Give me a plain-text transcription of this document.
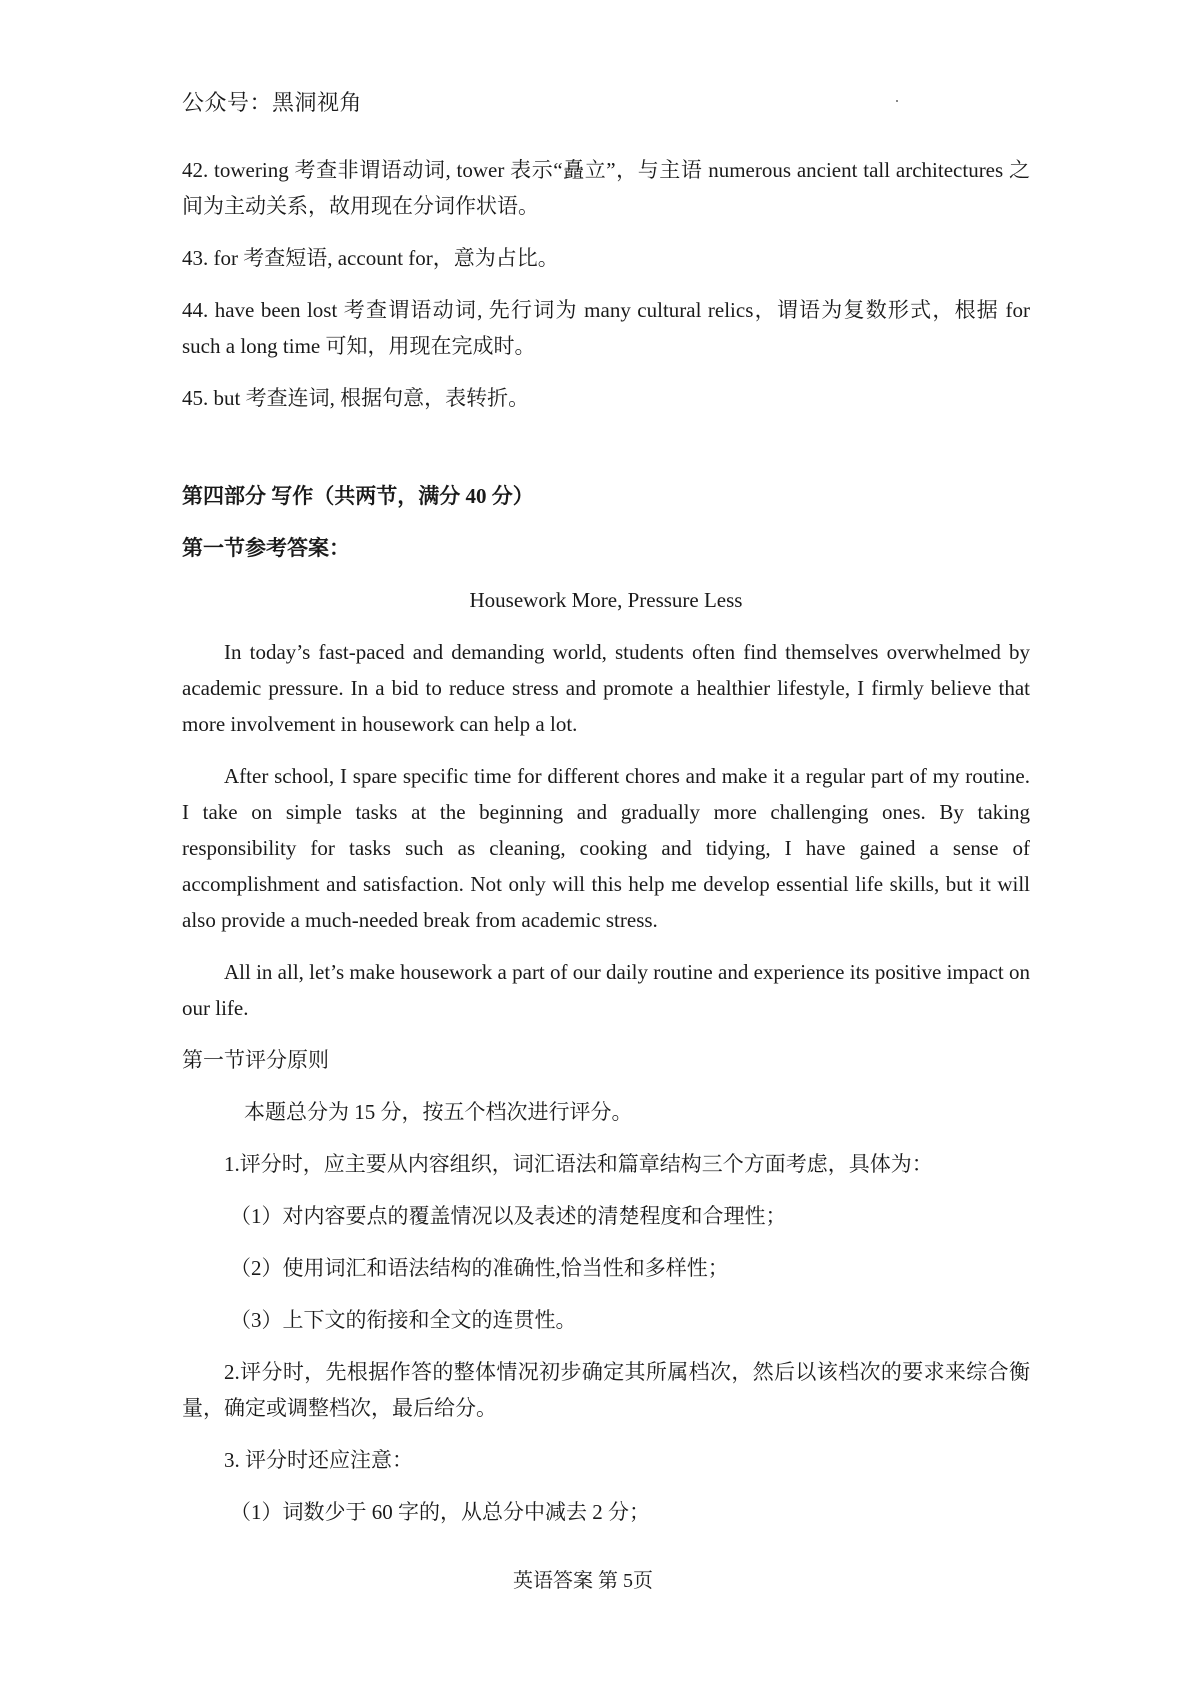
公众号：黑洞视角

42. towering 考查非谓语动词, tower 表示“矗立”，与主语 numerous ancient tall architectures 之间为主动关系，故用现在分词作状语。

43. for 考查短语, account for，意为占比。

44. have been lost 考查谓语动词, 先行词为 many cultural relics，谓语为复数形式，根据 for such a long time 可知，用现在完成时。

45. but 考查连词, 根据句意，表转折。

第四部分 写作（共两节，满分 40 分）

第一节参考答案：

Housework More, Pressure Less

In today’s fast-paced and demanding world, students often find themselves overwhelmed by academic pressure. In a bid to reduce stress and promote a healthier lifestyle, I firmly believe that more involvement in housework can help a lot.

After school, I spare specific time for different chores and make it a regular part of my routine. I take on simple tasks at the beginning and gradually more challenging ones. By taking responsibility for tasks such as cleaning, cooking and tidying, I have gained a sense of accomplishment and satisfaction. Not only will this help me develop essential life skills, but it will also provide a much-needed break from academic stress.

All in all, let’s make housework a part of our daily routine and experience its positive impact on our life.

第一节评分原则

本题总分为 15 分，按五个档次进行评分。

1.评分时，应主要从内容组织，词汇语法和篇章结构三个方面考虑，具体为：

（1）对内容要点的覆盖情况以及表述的清楚程度和合理性；

（2）使用词汇和语法结构的准确性,恰当性和多样性；

（3）上下文的衔接和全文的连贯性。

2.评分时，先根据作答的整体情况初步确定其所属档次，然后以该档次的要求来综合衡量，确定或调整档次，最后给分。

3. 评分时还应注意：

（1）词数少于 60 字的，从总分中减去 2 分；

英语答案 第 5页
